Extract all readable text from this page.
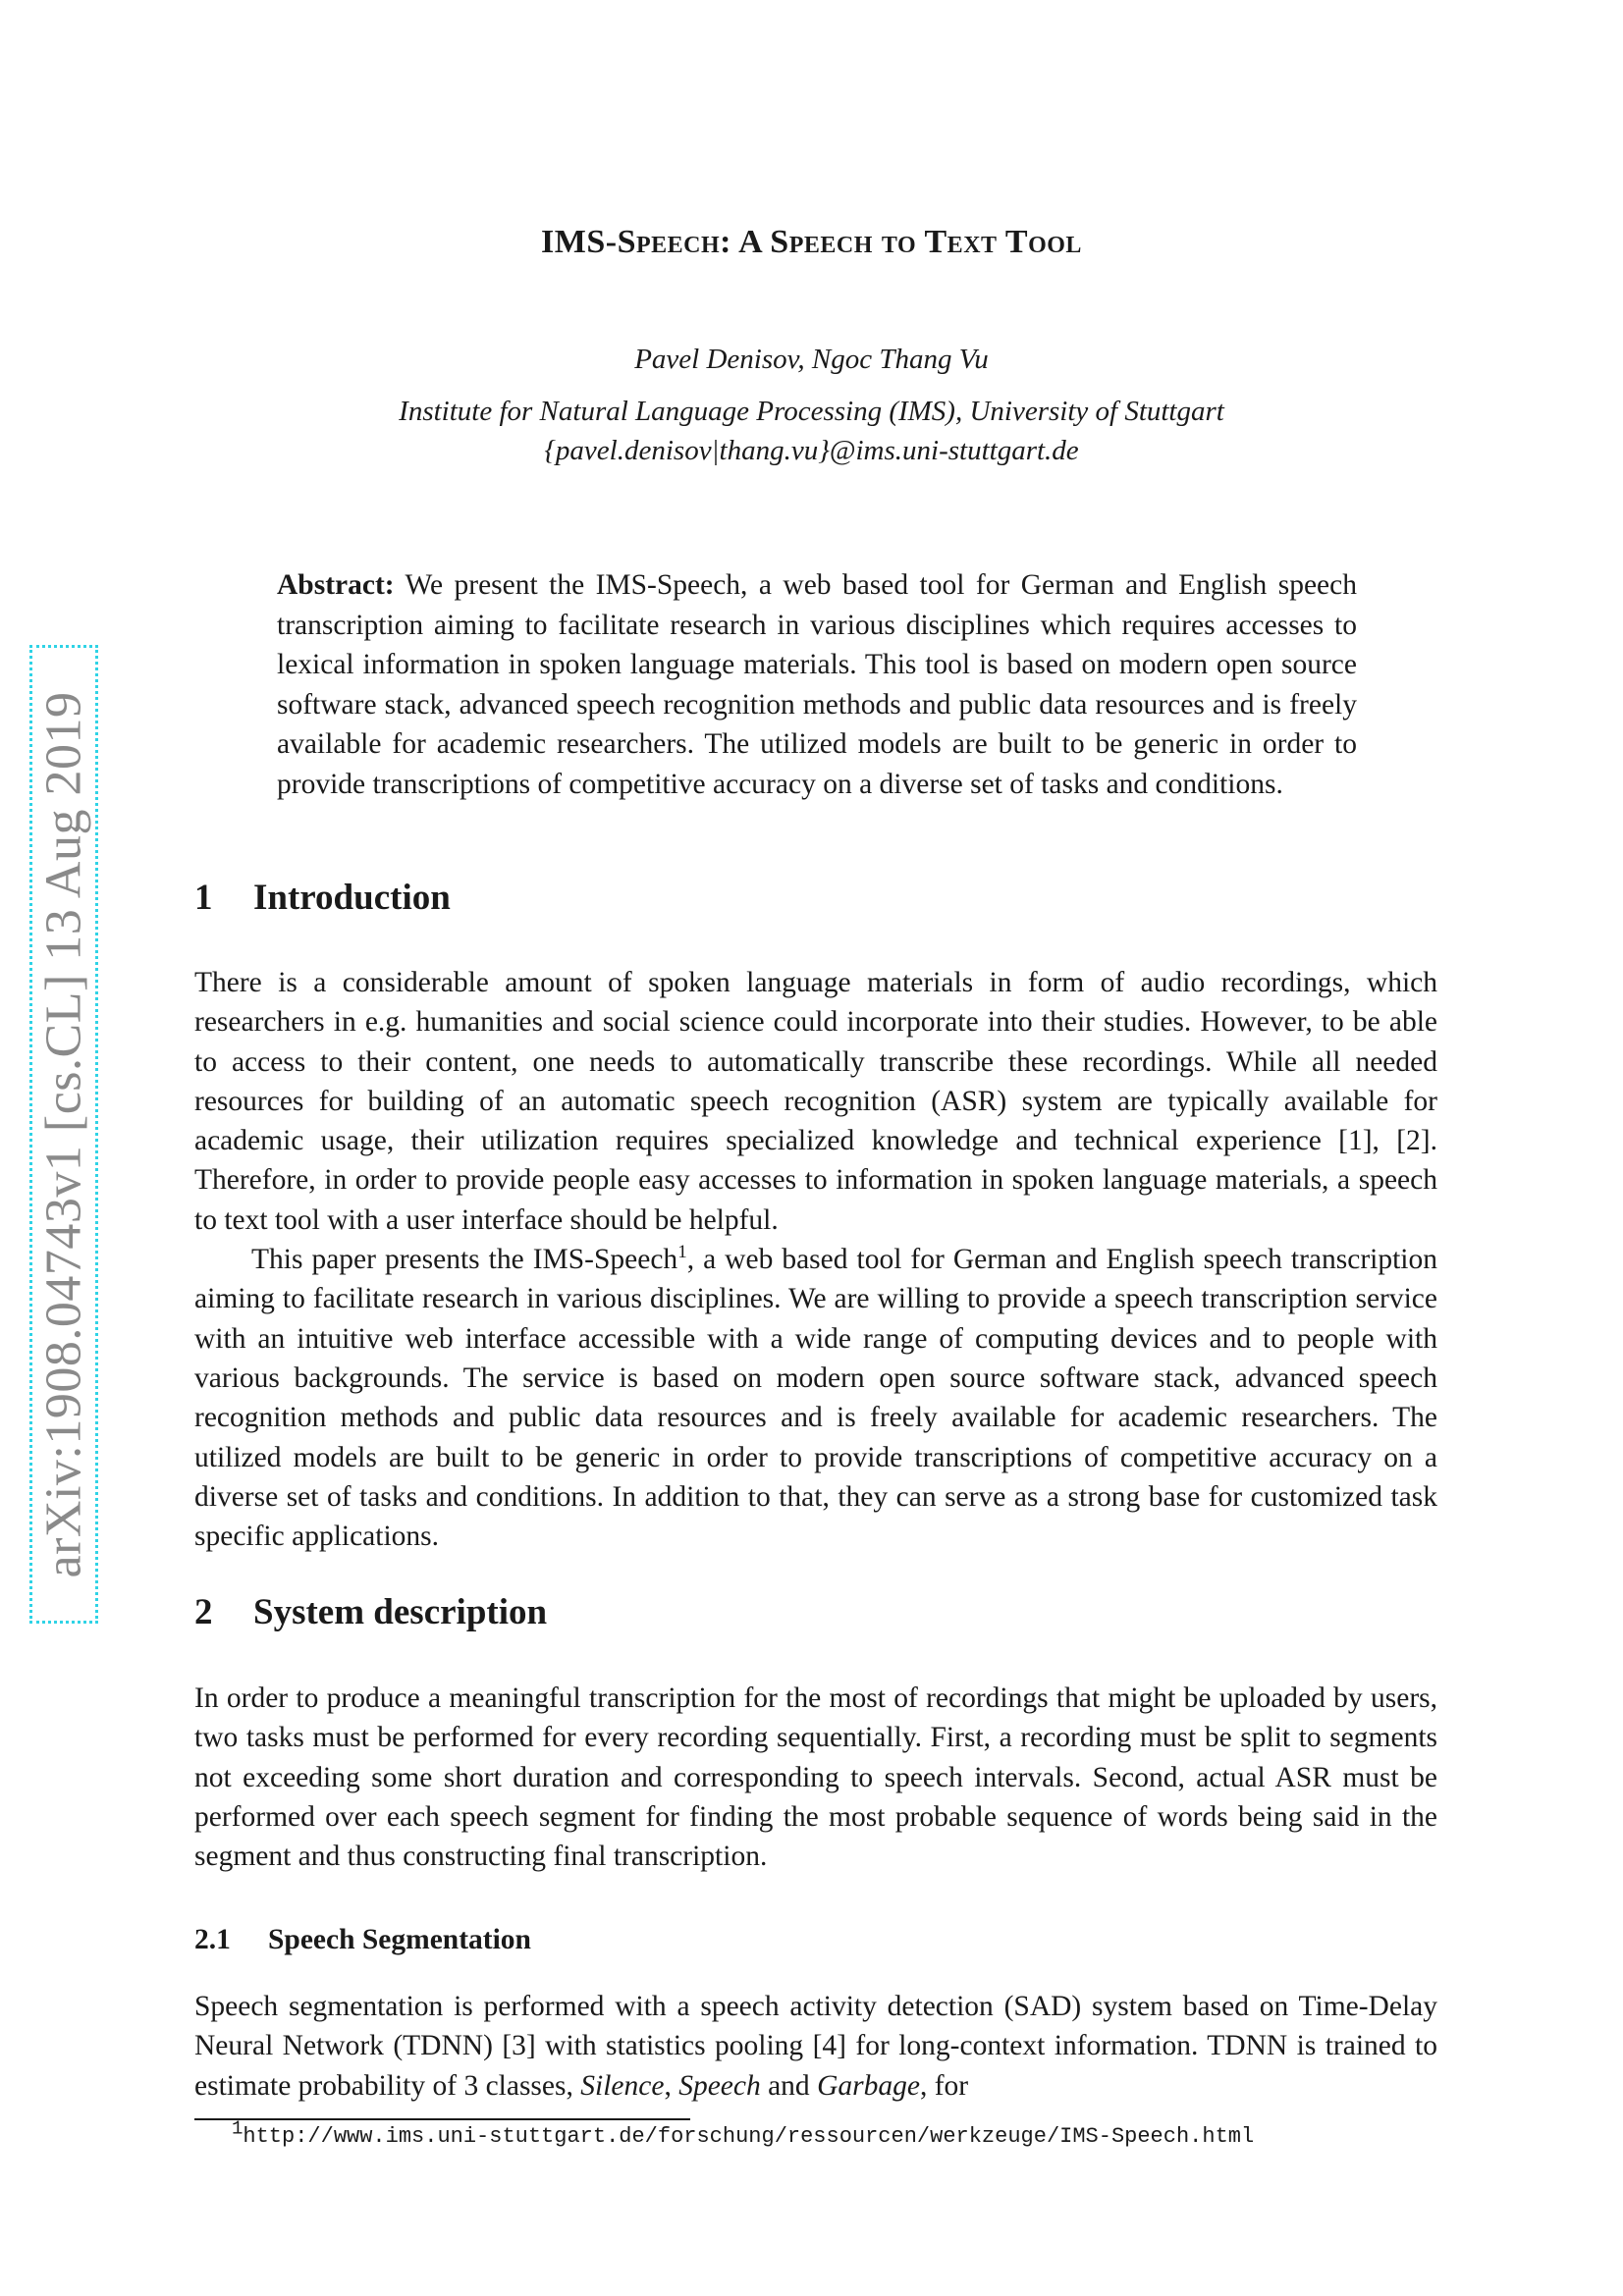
arXiv:1908.04743v1 [cs.CL] 13 Aug 2019
IMS-Speech: A Speech to Text Tool
Pavel Denisov, Ngoc Thang Vu
Institute for Natural Language Processing (IMS), University of Stuttgart
{pavel.denisov|thang.vu}@ims.uni-stuttgart.de
Abstract: We present the IMS-Speech, a web based tool for German and English speech transcription aiming to facilitate research in various disciplines which requires accesses to lexical information in spoken language materials. This tool is based on modern open source software stack, advanced speech recognition methods and public data resources and is freely available for academic researchers. The utilized models are built to be generic in order to provide transcriptions of competitive accuracy on a diverse set of tasks and conditions.
1 Introduction

There is a considerable amount of spoken language materials in form of audio recordings, which researchers in e.g. humanities and social science could incorporate into their studies. However, to be able to access to their content, one needs to automatically transcribe these recordings. While all needed resources for building of an automatic speech recognition (ASR) system are typically available for academic usage, their utilization requires specialized knowledge and technical experience [1], [2]. Therefore, in order to provide people easy accesses to information in spoken language materials, a speech to text tool with a user interface should be helpful.

This paper presents the IMS-Speech$^1$, a web based tool for German and English speech transcription aiming to facilitate research in various disciplines. We are willing to provide a speech transcription service with an intuitive web interface accessible with a wide range of computing devices and to people with various backgrounds. The service is based on modern open source software stack, advanced speech recognition methods and public data resources and is freely available for academic researchers. The utilized models are built to be generic in order to provide transcriptions of competitive accuracy on a diverse set of tasks and conditions. In addition to that, they can serve as a strong base for customized task specific applications.

2 System description

In order to produce a meaningful transcription for the most of recordings that might be uploaded by users, two tasks must be performed for every recording sequentially. First, a recording must be split to segments not exceeding some short duration and corresponding to speech intervals. Second, actual ASR must be performed over each speech segment for finding the most probable sequence of words being said in the segment and thus constructing final transcription.

2.1 Speech Segmentation

Speech segmentation is performed with a speech activity detection (SAD) system based on Time-Delay Neural Network (TDNN) [3] with statistics pooling [4] for long-context information. TDNN is trained to estimate probability of 3 classes, Silence, Speech and Garbage, for

$^1$http://www.ims.uni-stuttgart.de/forschung/ressourcen/werkzeuge/IMS-Speech.html
